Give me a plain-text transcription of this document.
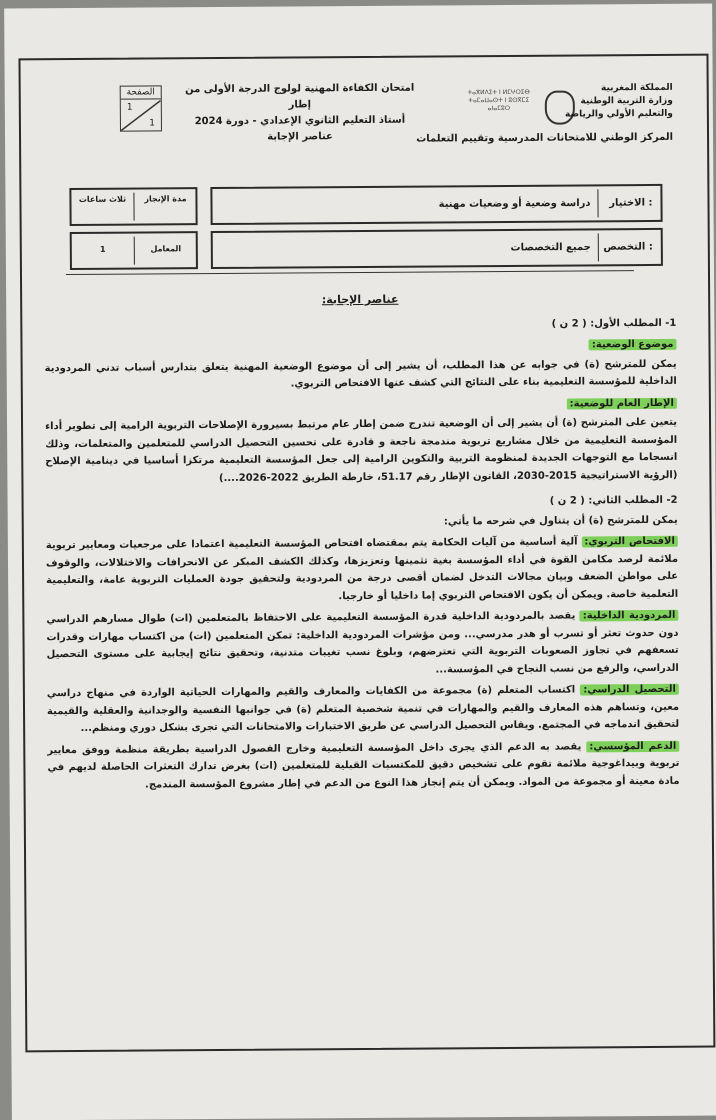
الصفحة
1
1
امتحان الكفاءة المهنية لولوج الدرجة الأولى من إطار
أستاذ التعليم الثانوي الإعدادي - دورة 2024
عناصر الإجابة
ⵜⴰⴳⵍⴷⵉⵜ ⵏ ⵍⵎⵖⵔⵉⴱ
ⵜⴰⵎⴰⵡⴰⵙⵜ ⵏ ⵓⵙⴳⵎⵉ
ⴰⵏⴰⵎⵓⵔ
المملكة المغربية
وزارة التربية الوطنية
والتعليم الأولي والرياضة
المركز الوطني للامتحانات المدرسية وتقييم التعلمات
الاختيار :
دراسة وضعية أو وضعيات مهنية
التخصص :
جميع التخصصات
مدة الإنجاز
ثلاث ساعات
المعامل
1
عناصر الإجابة:
1- المطلب الأول: ( 2 ن )
موضوع الوضعية:

يمكن للمترشح (ة) في جوابه عن هذا المطلب، أن يشير إلى أن موضوع الوضعية المهنية يتعلق بتدارس أسباب تدني المردودية الداخلية للمؤسسة التعليمية بناء على النتائج التي كشف عنها الافتحاص التربوي.

الإطار العام للوضعية:

يتعين على المترشح (ة) أن يشير إلى أن الوضعية تندرج ضمن إطار عام مرتبط بسيرورة الإصلاحات التربوية الرامية إلى تطوير أداء المؤسسة التعليمية من خلال مشاريع تربوية مندمجة ناجعة و قادرة على تحسين التحصيل الدراسي للمتعلمين والمتعلمات، وذلك انسجاما مع التوجهات الجديدة لمنظومة التربية والتكوين الرامية إلى جعل المؤسسة التعليمية مرتكزا أساسيا في دينامية الإصلاح (الرؤية الاستراتيجية 2015-2030، القانون الإطار رقم 51.17، خارطة الطريق 2022-2026....)

2- المطلب الثاني: ( 2 ن )

يمكن للمترشح (ة) أن يتناول في شرحه ما يأتي:

الافتحاص التربوي: آلية أساسية من آليات الحكامة يتم بمقتضاه افتحاص المؤسسة التعليمية اعتمادا على مرجعيات ومعايير تربوية ملائمة لرصد مكامن القوة في أداء المؤسسة بغية تثمينها وتعزيزها، وكذلك الكشف المبكر عن الانحرافات والاختلالات، والوقوف على مواطن الضعف وبيان مجالات التدخل لضمان أقصى درجة من المردودية ولتحقيق جودة العمليات التربوية عامة، والتعليمية التعلمية خاصة. ويمكن أن يكون الافتحاص التربوي إما داخليا أو خارجيا.

المردودية الداخلية: يقصد بالمردودية الداخلية قدرة المؤسسة التعليمية على الاحتفاظ بالمتعلمين (ات) طوال مسارهم الدراسي دون حدوث تعثر أو تسرب أو هدر مدرسي... ومن مؤشرات المردودية الداخلية: تمكن المتعلمين (ات) من اكتساب مهارات وقدرات تسعفهم في تجاوز الصعوبات التربوية التي تعترضهم، وبلوغ نسب تغيبات متدنية، وتحقيق نتائج إيجابية على مستوى التحصيل الدراسي، والرفع من نسب النجاح في المؤسسة...

التحصيل الدراسي: اكتساب المتعلم (ة) مجموعة من الكفايات والمعارف والقيم والمهارات الحياتية الواردة في منهاج دراسي معين، وتساهم هذه المعارف والقيم والمهارات في تنمية شخصية المتعلم (ة) في جوانبها النفسية والوجدانية والعقلية والقيمية لتحقيق اندماجه في المجتمع. ويقاس التحصيل الدراسي عن طريق الاختبارات والامتحانات التي تجرى بشكل دوري ومنظم...

الدعم المؤسسي: يقصد به الدعم الذي يجرى داخل المؤسسة التعليمية وخارج الفصول الدراسية بطريقة منظمة ووفق معايير تربوية وبيداغوجية ملائمة تقوم على تشخيص دقيق للمكتسبات القبلية للمتعلمين (ات) بغرض تدارك التعثرات الحاصلة لديهم في مادة معينة أو مجموعة من المواد. ويمكن أن يتم إنجاز هذا النوع من الدعم في إطار مشروع المؤسسة المندمج.
